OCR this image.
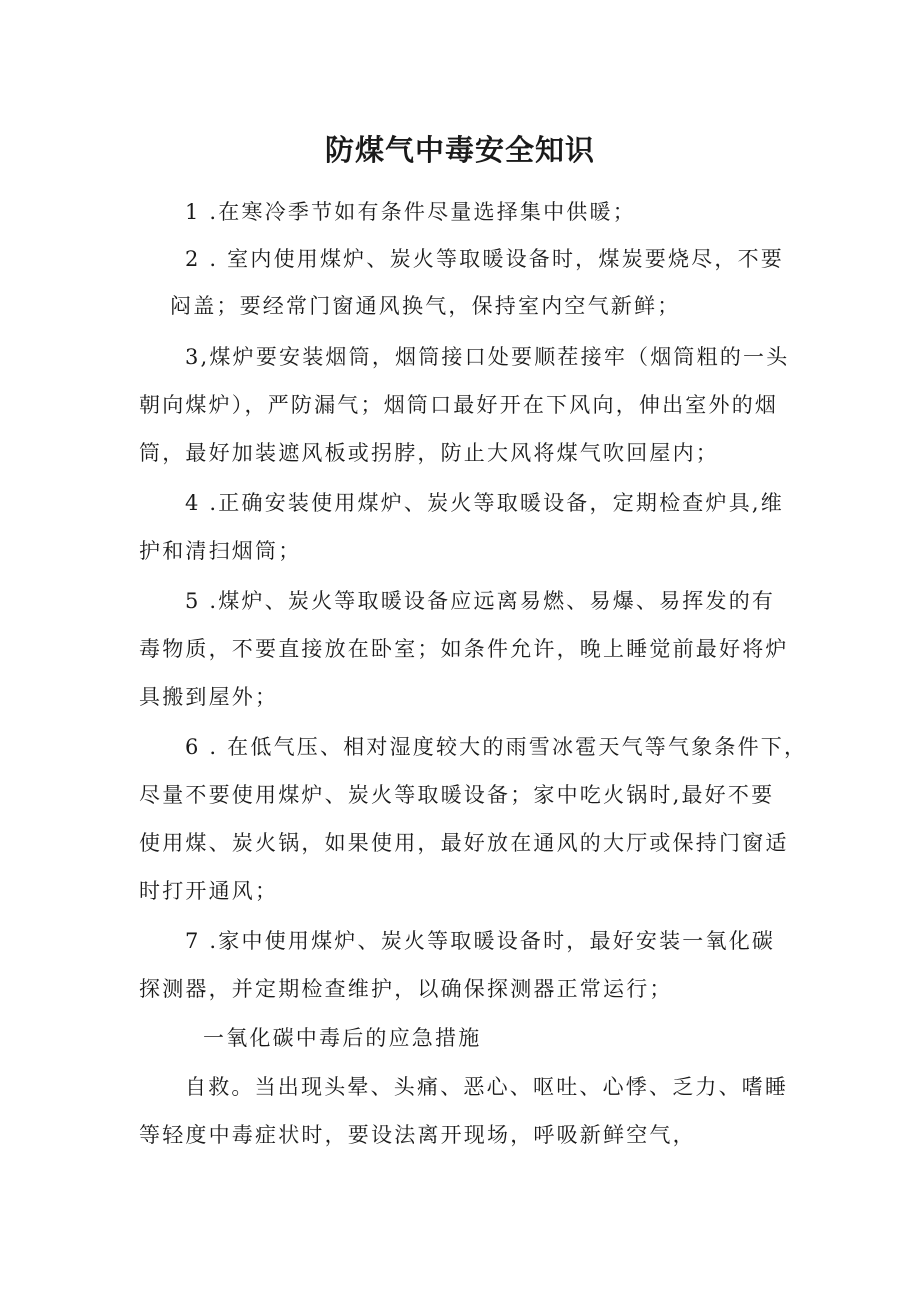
防煤气中毒安全知识

1 .在寒冷季节如有条件尽量选择集中供暖；

2 . 室内使用煤炉、炭火等取暖设备时，煤炭要烧尽，不要

闷盖；要经常门窗通风换气，保持室内空气新鲜；

3,煤炉要安装烟筒，烟筒接口处要顺茬接牢（烟筒粗的一头

朝向煤炉），严防漏气；烟筒口最好开在下风向，伸出室外的烟

筒，最好加装遮风板或拐脖，防止大风将煤气吹回屋内；

4 .正确安装使用煤炉、炭火等取暖设备，定期检查炉具,维

护和清扫烟筒；

5 .煤炉、炭火等取暖设备应远离易燃、易爆、易挥发的有

毒物质，不要直接放在卧室；如条件允许，晚上睡觉前最好将炉

具搬到屋外；

6 . 在低气压、相对湿度较大的雨雪冰雹天气等气象条件下，

尽量不要使用煤炉、炭火等取暖设备；家中吃火锅时,最好不要

使用煤、炭火锅，如果使用，最好放在通风的大厅或保持门窗适

时打开通风；

7 .家中使用煤炉、炭火等取暖设备时，最好安装一氧化碳

探测器，并定期检查维护，以确保探测器正常运行；

一氧化碳中毒后的应急措施

自救。当出现头晕、头痛、恶心、呕吐、心悸、乏力、嗜睡

等轻度中毒症状时，要设法离开现场，呼吸新鲜空气，
